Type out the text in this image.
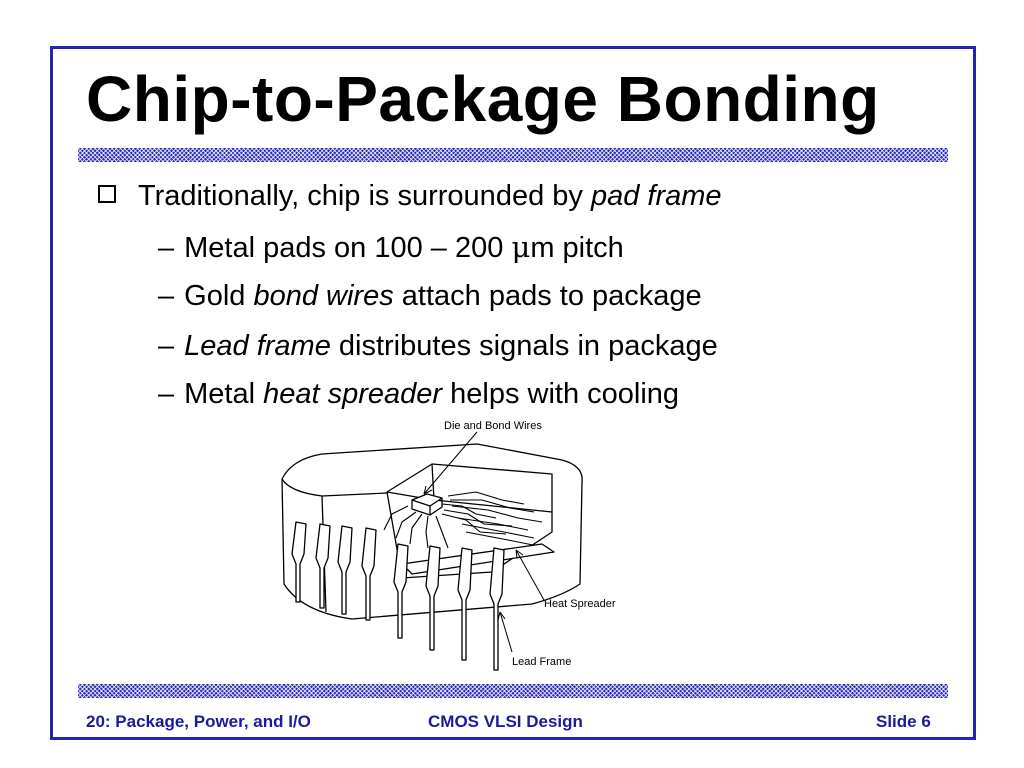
Chip-to-Package Bonding
Traditionally, chip is surrounded by pad frame
– Metal pads on 100 – 200 μm pitch
– Gold bond wires attach pads to package
– Lead frame distributes signals in package
– Metal heat spreader helps with cooling
Die and Bond Wires
Heat Spreader
Lead Frame
20: Package, Power, and I/O	CMOS VLSI Design	Slide 6
